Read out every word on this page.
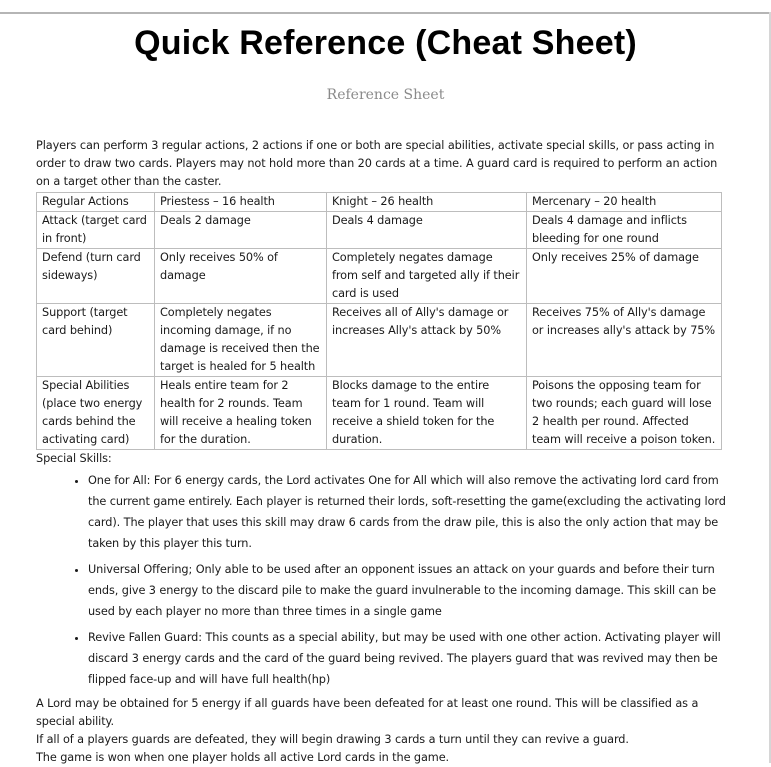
Quick Reference (Cheat Sheet)

Reference Sheet

Players can perform 3 regular actions, 2 actions if one or both are special abilities, activate special skills, or pass acting in order to draw two cards. Players may not hold more than 20 cards at a time. A guard card is required to perform an action on a target other than the caster.

Regular Actions	Priestess – 16 health	Knight – 26 health	Mercenary – 20 health
Attack (target card in front)	Deals 2 damage	Deals 4 damage	Deals 4 damage and inflicts bleeding for one round
Defend (turn card sideways)	Only receives 50% of damage	Completely negates damage from self and targeted ally if their card is used	Only receives 25% of damage
Support (target card behind)	Completely negates incoming damage, if no damage is received then the target is healed for 5 health	Receives all of Ally's damage or increases Ally's attack by 50%	Receives 75% of Ally's damage or increases ally's attack by 75%
Special Abilities (place two energy cards behind the activating card)	Heals entire team for 2 health for 2 rounds. Team will receive a healing token for the duration.	Blocks damage to the entire team for 1 round. Team will receive a shield token for the duration.	Poisons the opposing team for two rounds; each guard will lose 2 health per round. Affected team will receive a poison token.

Special Skills:

• One for All: For 6 energy cards, the Lord activates One for All which will also remove the activating lord card from the current game entirely. Each player is returned their lords, soft-resetting the game(excluding the activating lord card). The player that uses this skill may draw 6 cards from the draw pile, this is also the only action that may be taken by this player this turn.
• Universal Offering; Only able to be used after an opponent issues an attack on your guards and before their turn ends, give 3 energy to the discard pile to make the guard invulnerable to the incoming damage. This skill can be used by each player no more than three times in a single game
• Revive Fallen Guard: This counts as a special ability, but may be used with one other action. Activating player will discard 3 energy cards and the card of the guard being revived. The players guard that was revived may then be flipped face-up and will have full health(hp)

A Lord may be obtained for 5 energy if all guards have been defeated for at least one round. This will be classified as a special ability.

If all of a players guards are defeated, they will begin drawing 3 cards a turn until they can revive a guard.

The game is won when one player holds all active Lord cards in the game.
